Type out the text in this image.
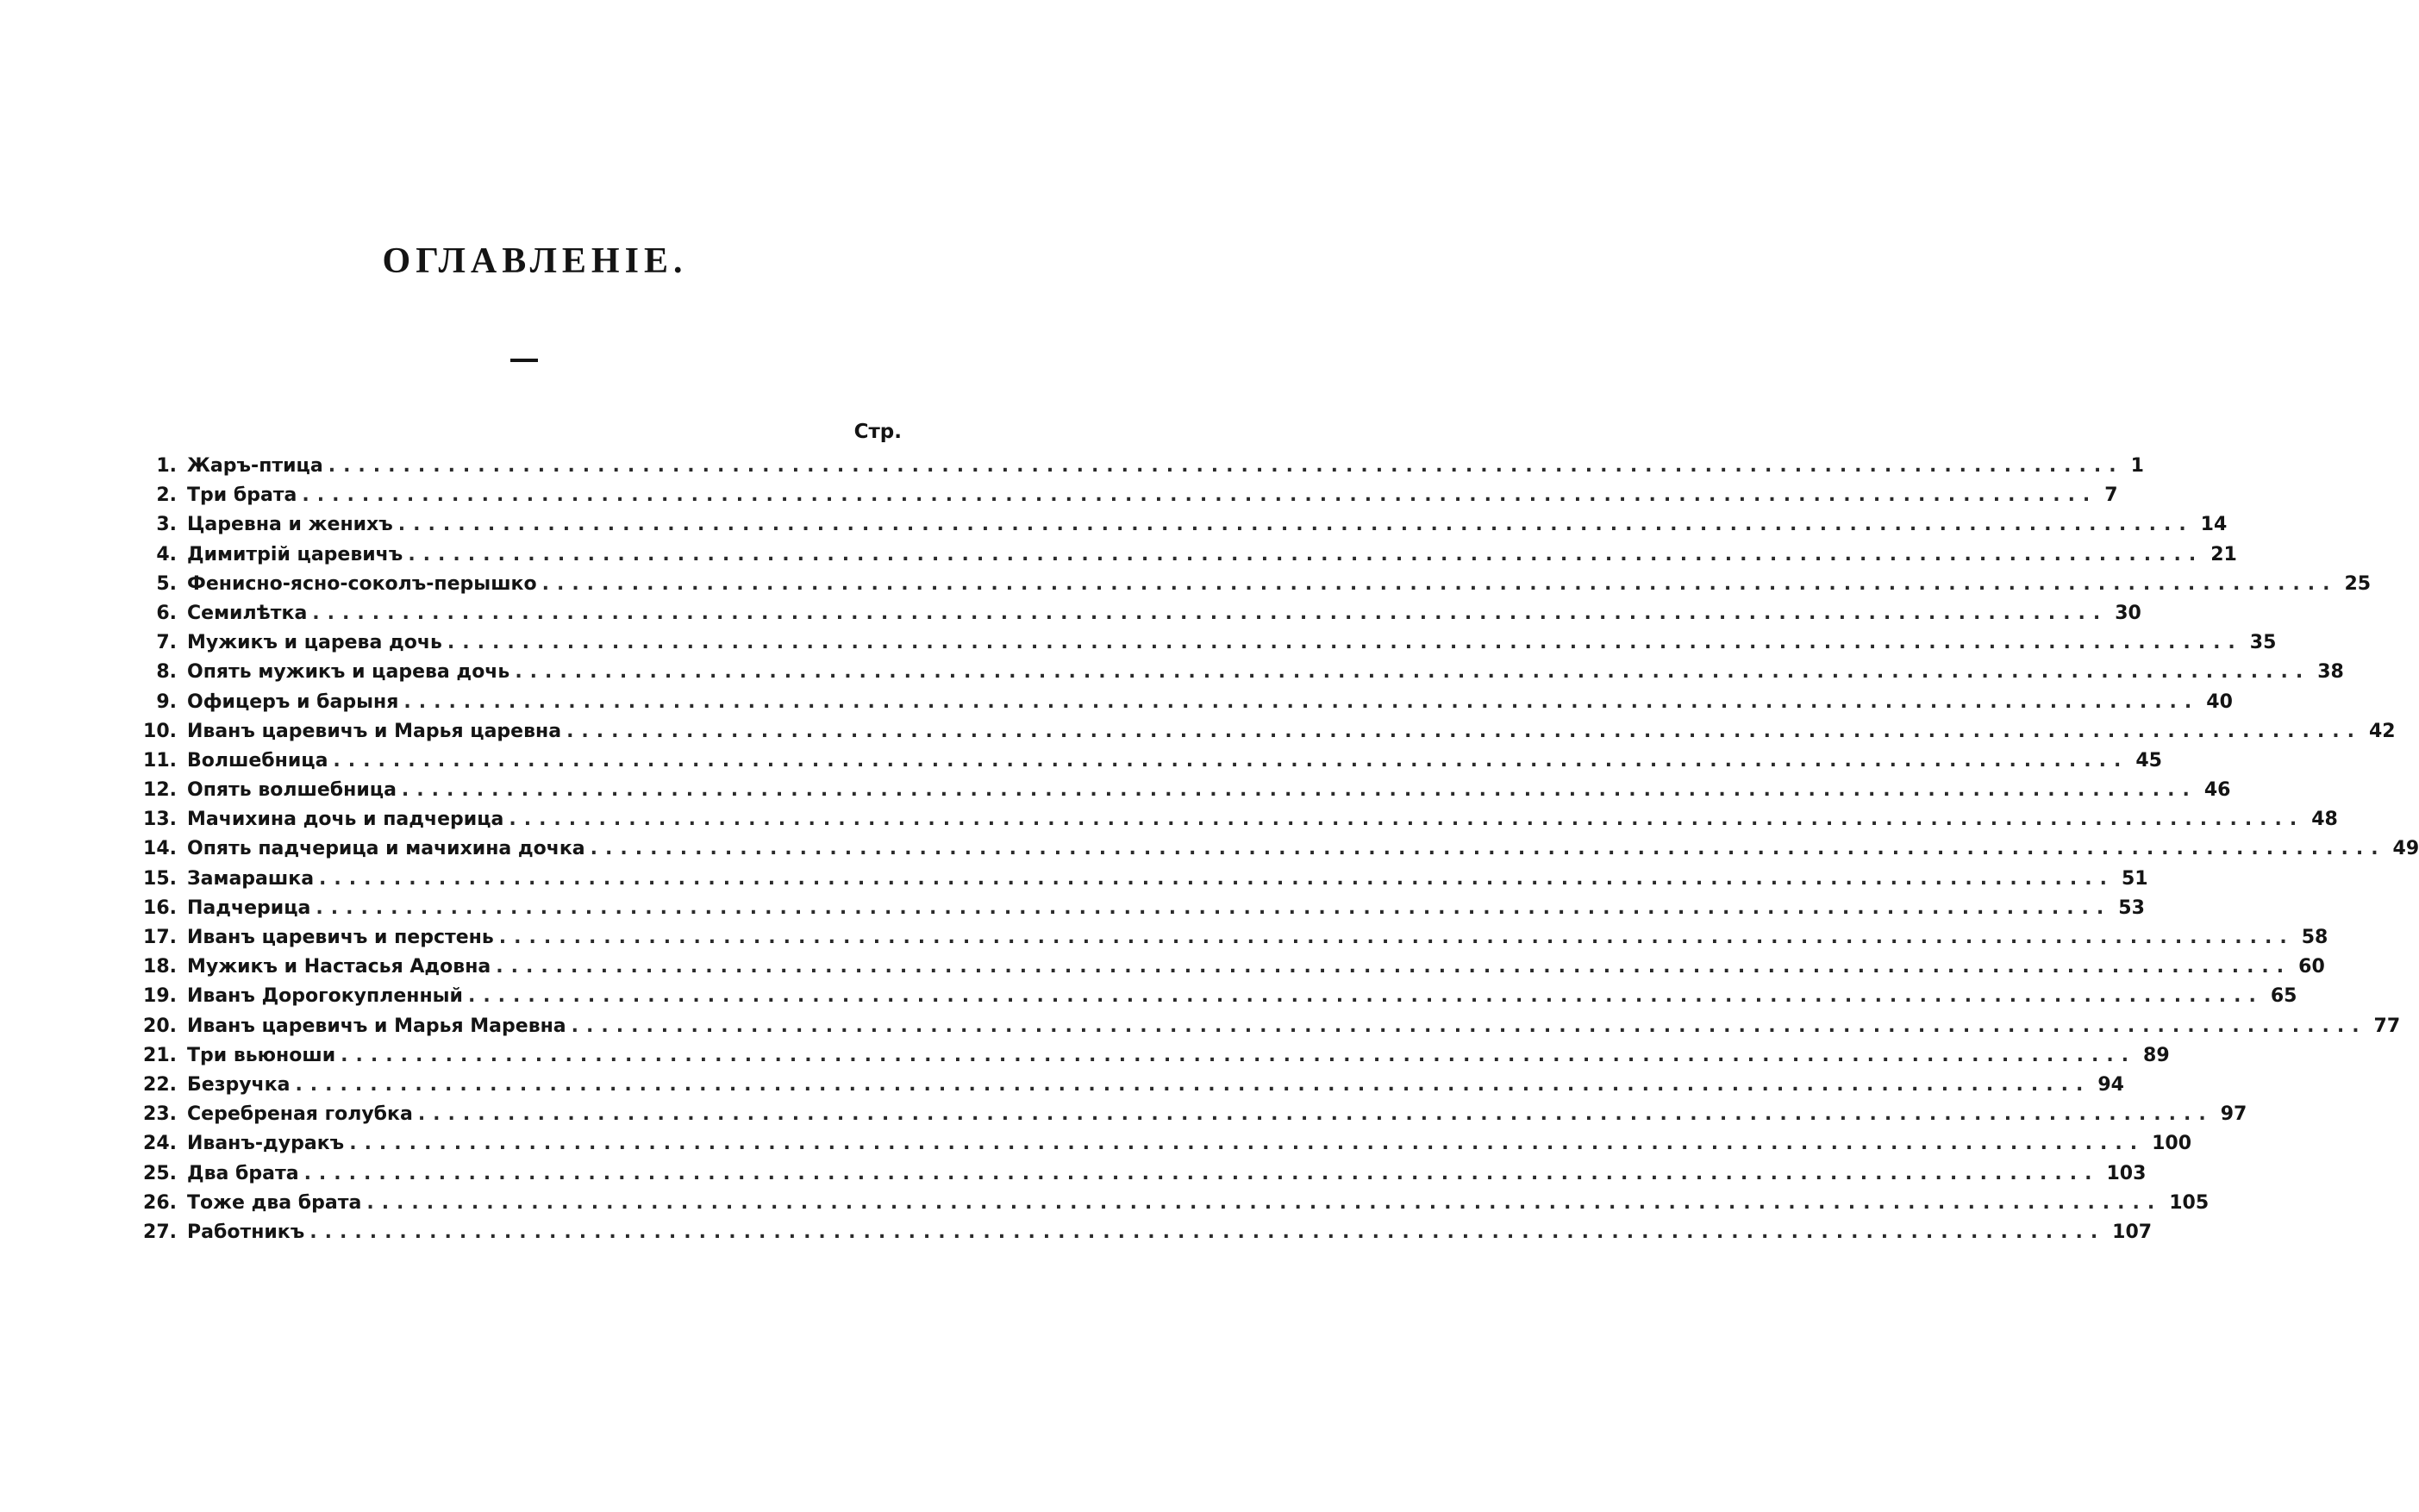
ОГЛАВЛЕНІЕ.
Стр.
1. Жаръ-птица ........................................................................................................................ 1
2. Три брата ........................................................................................................................ 7
3. Царевна и женихъ ........................................................................................................................ 14
4. Димитрій царевичъ ........................................................................................................................ 21
5. Фенисно-ясно-соколъ-перышко ........................................................................................................................ 25
6. Семилѣтка ........................................................................................................................ 30
7. Мужикъ и царева дочь ........................................................................................................................ 35
8. Опять мужикъ и царева дочь ........................................................................................................................ 38
9. Офицеръ и барыня ........................................................................................................................ 40
10. Иванъ царевичъ и Марья царевна ........................................................................................................................ 42
11. Волшебница ........................................................................................................................ 45
12. Опять волшебница ........................................................................................................................ 46
13. Мачихина дочь и падчерица ........................................................................................................................ 48
14. Опять падчерица и мачихина дочка ........................................................................................................................ 49
15. Замарашка ........................................................................................................................ 51
16. Падчерица ........................................................................................................................ 53
17. Иванъ царевичъ и перстень ........................................................................................................................ 58
18. Мужикъ и Настасья Адовна ........................................................................................................................ 60
19. Иванъ Дорогокупленный ........................................................................................................................ 65
20. Иванъ царевичъ и Марья Маревна ........................................................................................................................ 77
21. Три вьюноши ........................................................................................................................ 89
22. Безручка ........................................................................................................................ 94
23. Серебреная голубка ........................................................................................................................ 97
24. Иванъ-дуракъ ........................................................................................................................ 100
25. Два брата ........................................................................................................................ 103
26. Тоже два брата ........................................................................................................................ 105
27. Работникъ ........................................................................................................................ 107
